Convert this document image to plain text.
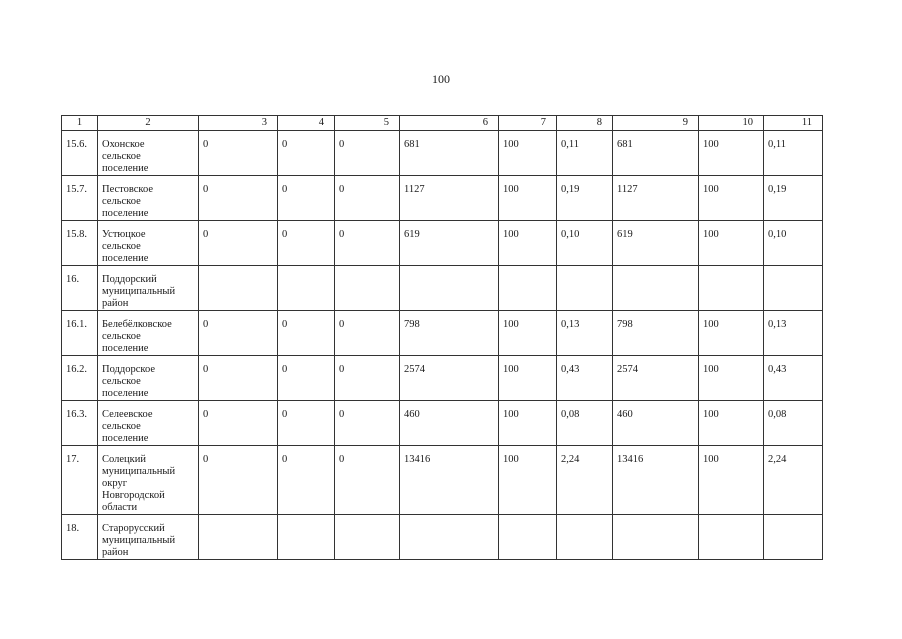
100
1	2	3	4	5	6	7	8	9	10	11
15.6.	Охонское
сельское
поселение	0	0	0	681	100	0,11	681	100	0,11
15.7.	Пестовское
сельское
поселение	0	0	0	1127	100	0,19	1127	100	0,19
15.8.	Устюцкое
сельское
поселение	0	0	0	619	100	0,10	619	100	0,10
16.	Поддорский
муниципальный
район									

16.1.	Белебёлковское
сельское
поселение	0	0	0	798	100	0,13	798	100	0,13
16.2.	Поддорское
сельское
поселение	0	0	0	2574	100	0,43	2574	100	0,43
16.3.	Селеевское
сельское
поселение	0	0	0	460	100	0,08	460	100	0,08
17.	Солецкий
муниципальный
округ
Новгородской
области	0	0	0	13416	100	2,24	13416	100	2,24
18.	Старорусский
муниципальный
район									
